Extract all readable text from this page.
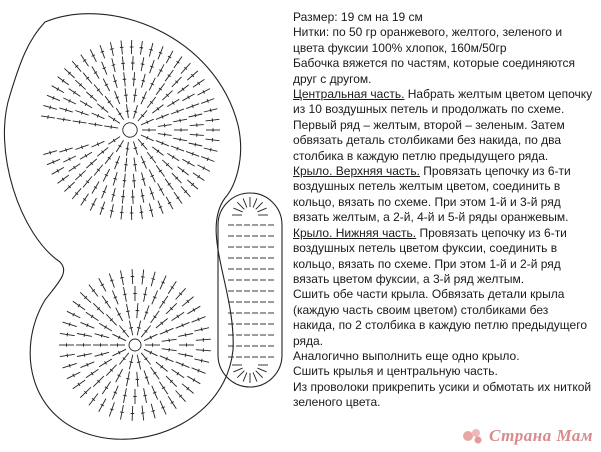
Размер: 19 см на 19 см

Нитки: по 50 гр оранжевого, желтого, зеленого и цвета фуксии 100% хлопок, 160м/50гр

Бабочка вяжется по частям, которые соединяются друг с другом.

Центральная часть. Набрать желтым цветом цепочку из 10 воздушных петель и продолжать по схеме. Первый ряд – желтым, второй – зеленым. Затем обвязать деталь столбиками без накида, по два столбика в каждую петлю предыдущего ряда.

Крыло. Верхняя часть. Провязать цепочку из 6-ти воздушных петель желтым цветом, соединить в кольцо, вязать по схеме. При этом 1-й и 3-й ряд вязать желтым, а 2-й, 4-й и 5-й ряды оранжевым.

Крыло. Нижняя часть. Провязать цепочку из 6-ти воздушных петель цветом фуксии, соединить в кольцо, вязать по схеме. При этом 1-й и 2-й ряд вязать цветом фуксии, а 3-й ряд желтым.

Сшить обе части крыла. Обвязать детали крыла (каждую часть своим цветом) столбиками без накида, по 2 столбика в каждую петлю предыдущего ряда.

Аналогично выполнить еще одно крыло.

Сшить крылья и центральную часть.

Из проволоки прикрепить усики и обмотать их ниткой зеленого цвета.

Страна Мам
